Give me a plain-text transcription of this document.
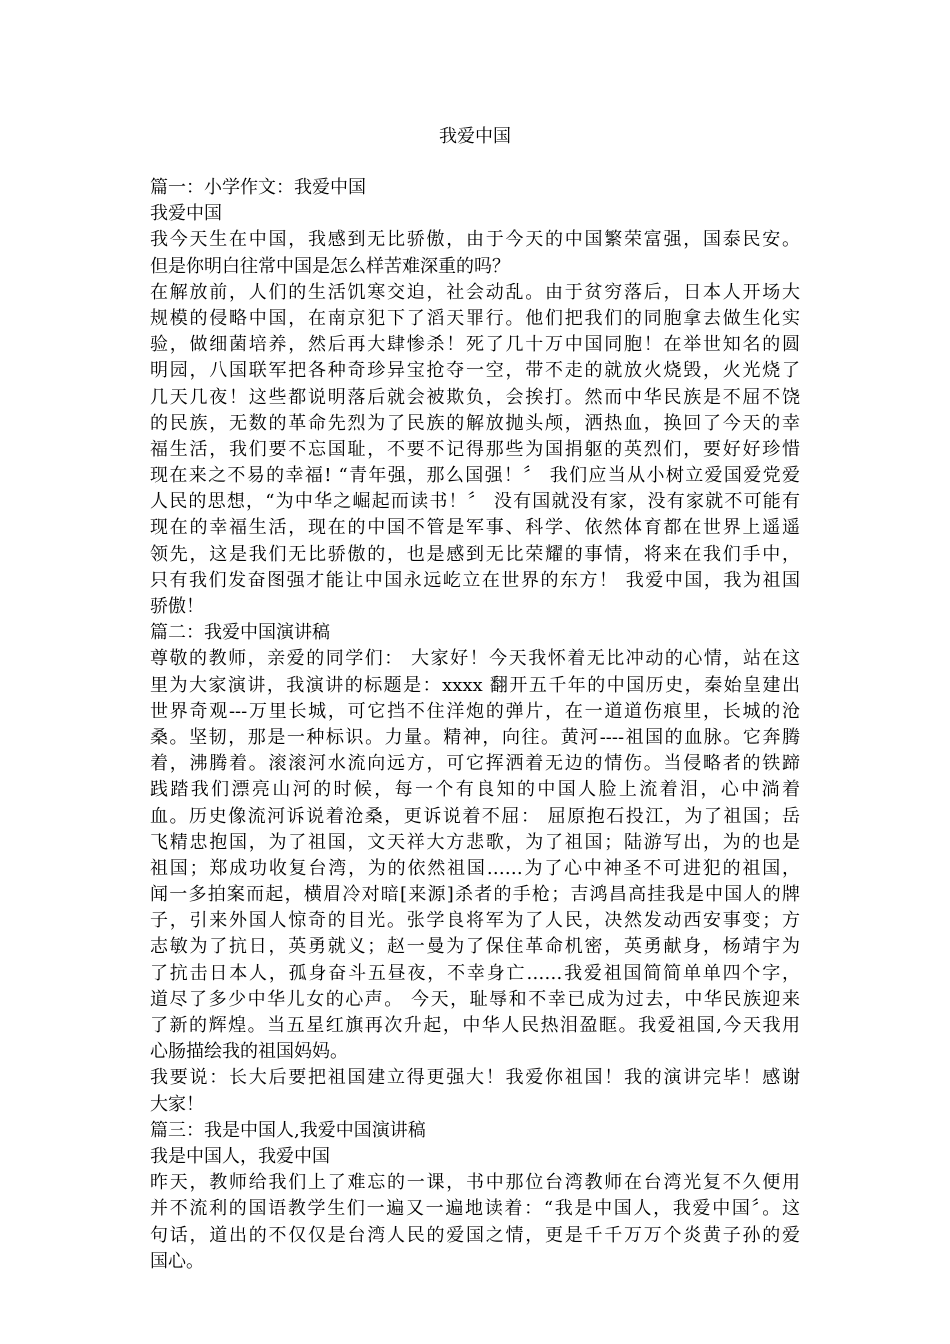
我爱中国
篇一：小学作文：我爱中国
我爱中国
我今天生在中国，我感到无比骄傲，由于今天的中国繁荣富强，国泰民安。
但是你明白往常中国是怎么样苦难深重的吗？
在解放前，人们的生活饥寒交迫，社会动乱。由于贫穷落后，日本人开场大
规模的侵略中国，在南京犯下了滔天罪行。他们把我们的同胞拿去做生化实
验，做细菌培养，然后再大肆惨杀！死了几十万中国同胞！在举世知名的圆
明园，八国联军把各种奇珍异宝抢夺一空，带不走的就放火烧毁，火光烧了
几天几夜！这些都说明落后就会被欺负，会挨打。然而中华民族是不屈不饶
的民族，无数的革命先烈为了民族的解放抛头颅，洒热血，换回了今天的幸
福生活，我们要不忘国耻，不要不记得那些为国捐躯的英烈们，要好好珍惜
现在来之不易的幸福! “青年强，那么国强！〞 我们应当从小树立爱国爱党爱
人民的思想，“为中华之崛起而读书！〞 没有国就没有家，没有家就不可能有
现在的幸福生活，现在的中国不管是军事、科学、依然体育都在世界上遥遥
领先，这是我们无比骄傲的，也是感到无比荣耀的事情，将来在我们手中，
只有我们发奋图强才能让中国永远屹立在世界的东方！ 我爱中国，我为祖国
骄傲！
篇二：我爱中国演讲稿
尊敬的教师，亲爱的同学们： 大家好！今天我怀着无比冲动的心情，站在这
里为大家演讲，我演讲的标题是：xxxx 翻开五千年的中国历史，秦始皇建出
世界奇观---万里长城，可它挡不住洋炮的弹片，在一道道伤痕里，长城的沧
桑。坚韧，那是一种标识。力量。精神，向往。黄河----祖国的血脉。它奔腾
着，沸腾着。滚滚河水流向远方，可它挥洒着无边的情伤。当侵略者的铁蹄
践踏我们漂亮山河的时候，每一个有良知的中国人脸上流着泪，心中淌着
血。历史像流河诉说着沧桑，更诉说着不屈： 屈原抱石投江，为了祖国；岳
飞精忠抱国，为了祖国，文天祥大方悲歌，为了祖国；陆游写出，为的也是
祖国；郑成功收复台湾，为的依然祖国……为了心中神圣不可进犯的祖国，
闻一多拍案而起，横眉冷对暗[来源]杀者的手枪；吉鸿昌高挂我是中国人的牌
子，引来外国人惊奇的目光。张学良将军为了人民，决然发动西安事变；方
志敏为了抗日，英勇就义；赵一曼为了保住革命机密，英勇献身，杨靖宇为
了抗击日本人，孤身奋斗五昼夜，不幸身亡……我爱祖国简简单单四个字，
道尽了多少中华儿女的心声。 今天，耻辱和不幸已成为过去，中华民族迎来
了新的辉煌。当五星红旗再次升起，中华人民热泪盈眶。我爱祖国,今天我用
心肠描绘我的祖国妈妈。
我要说：长大后要把祖国建立得更强大！我爱你祖国！我的演讲完毕！感谢
大家！
篇三：我是中国人,我爱中国演讲稿
我是中国人，我爱中国
昨天，教师给我们上了难忘的一课，书中那位台湾教师在台湾光复不久便用
并不流利的国语教学生们一遍又一遍地读着：“我是中国人，我爱中国〞。这
句话，道出的不仅仅是台湾人民的爱国之情，更是千千万万个炎黄子孙的爱
国心。
